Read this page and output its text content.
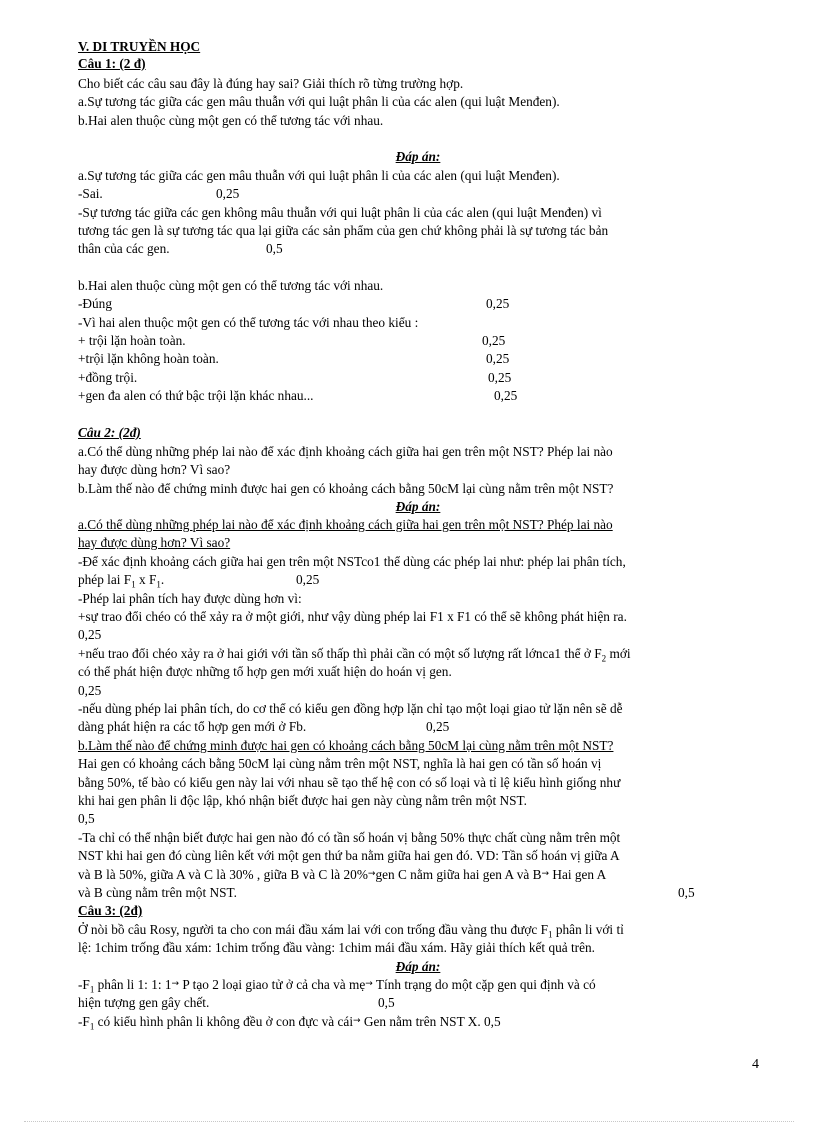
V. DI TRUYỀN HỌC
Câu 1: (2 đ)
Cho biết các câu sau đây là đúng hay sai? Giải thích rõ từng trường hợp.
a.Sự tương tác giữa các gen mâu thuẫn với qui luật phân li của các alen (qui luật Menđen).
b.Hai alen thuộc cùng một gen có thể tương tác với nhau.
Đáp án:
a.Sự tương tác giữa các gen mâu thuẫn với qui luật phân li của các alen (qui luật Menđen).
-Sai.	0,25
-Sự tương tác giữa các gen không mâu thuẫn với qui luật phân li của các alen (qui luật Menđen) vì
tương tác gen là sự tương tác qua lại giữa các sản phẩm của gen chứ không phải là sự tương tác bản
thân của các gen.	0,5
b.Hai alen thuộc cùng một gen có thể tương tác với nhau.
-Đúng	0,25
-Vì hai alen thuộc một gen có thể tương tác với nhau theo kiểu :
+ trội lặn hoàn toàn.	0,25
+trội lặn không hoàn toàn.	0,25
+đồng trội.	0,25
+gen đa alen có thứ bậc trội lặn khác nhau...	0,25
Câu 2: (2đ)
a.Có thể dùng những phép lai nào để xác định khoảng cách giữa hai gen trên một NST? Phép lai nào
hay được dùng hơn? Vì sao?
b.Làm thế nào để chứng minh được hai gen có khoảng cách bằng 50cM lại cùng nằm trên một NST?
Đáp án:
a.Có thể dùng những phép lai nào để xác định khoảng cách giữa hai gen trên một NST? Phép lai nào
hay được dùng hơn? Vì sao?
-Để xác định khoảng cách giữa hai gen trên một NSTco1 thể dùng các phép lai như: phép lai phân tích,
phép lai $F_1$ x $F_1$.	0,25
-Phép lai phân tích hay được dùng hơn vì:
+sự trao đổi chéo có thể xảy ra ở một giới, như vậy dùng phép lai F1 x F1 có thể sẽ không phát hiện ra.
0,25
+nếu trao đổi chéo xảy ra ở hai giới với tần số thấp thì phải cần có một số lượng rất lớnca1 thể ở $F_2$ mới
có thể phát hiện được những tổ hợp gen mới xuất hiện do hoán vị gen.
0,25
-nếu dùng phép lai phân tích, do cơ thể có kiểu gen đồng hợp lặn chỉ tạo một loại giao tử lặn nên sẽ dễ
dàng phát hiện ra các tổ hợp gen mới ở Fb.	0,25
b.Làm thế nào để chứng minh được hai gen có khoảng cách bằng 50cM lại cùng nằm trên một NST?
Hai gen có khoảng cách bằng 50cM lại cùng nằm trên một NST, nghĩa là hai gen có tần số hoán vị
bằng 50%, tế bào có kiểu gen này lai với nhau sẽ tạo thế hệ con có số loại và tỉ lệ kiểu hình giống như
khi hai gen phân li độc lập, khó nhận biết được hai gen này cùng nằm trên một NST.
0,5
-Ta chỉ có thể nhận biết được hai gen nào đó có tần số hoán vị bằng 50% thực chất cùng nằm trên một
NST khi hai gen đó cùng liên kết với một gen thứ ba nằm giữa hai gen đó. VD: Tần số hoán vị giữa A
và B là 50%, giữa A và C là 30% , giữa B và C là 20%→gen C nằm giữa hai gen A và B→ Hai gen A
và B cùng nằm trên một NST.	0,5
Câu 3: (2đ)
Ở nòi bồ câu Rosy, người ta cho con mái đầu xám lai với con trống đầu vàng thu được $F_1$ phân li với tỉ
lệ: 1chim trống đầu xám: 1chim trống đầu vàng: 1chim mái đầu xám. Hãy giải thích kết quả trên.
Đáp án:
$-F_1$ phân li 1: 1: 1→ P tạo 2 loại giao tử ở cả cha và mẹ→ Tính trạng do một cặp gen qui định và có
hiện tượng gen gây chết.	0,5
$-F_1$ có kiểu hình phân li không đều ở con đực và cái→ Gen nằm trên NST X. 0,5
4
